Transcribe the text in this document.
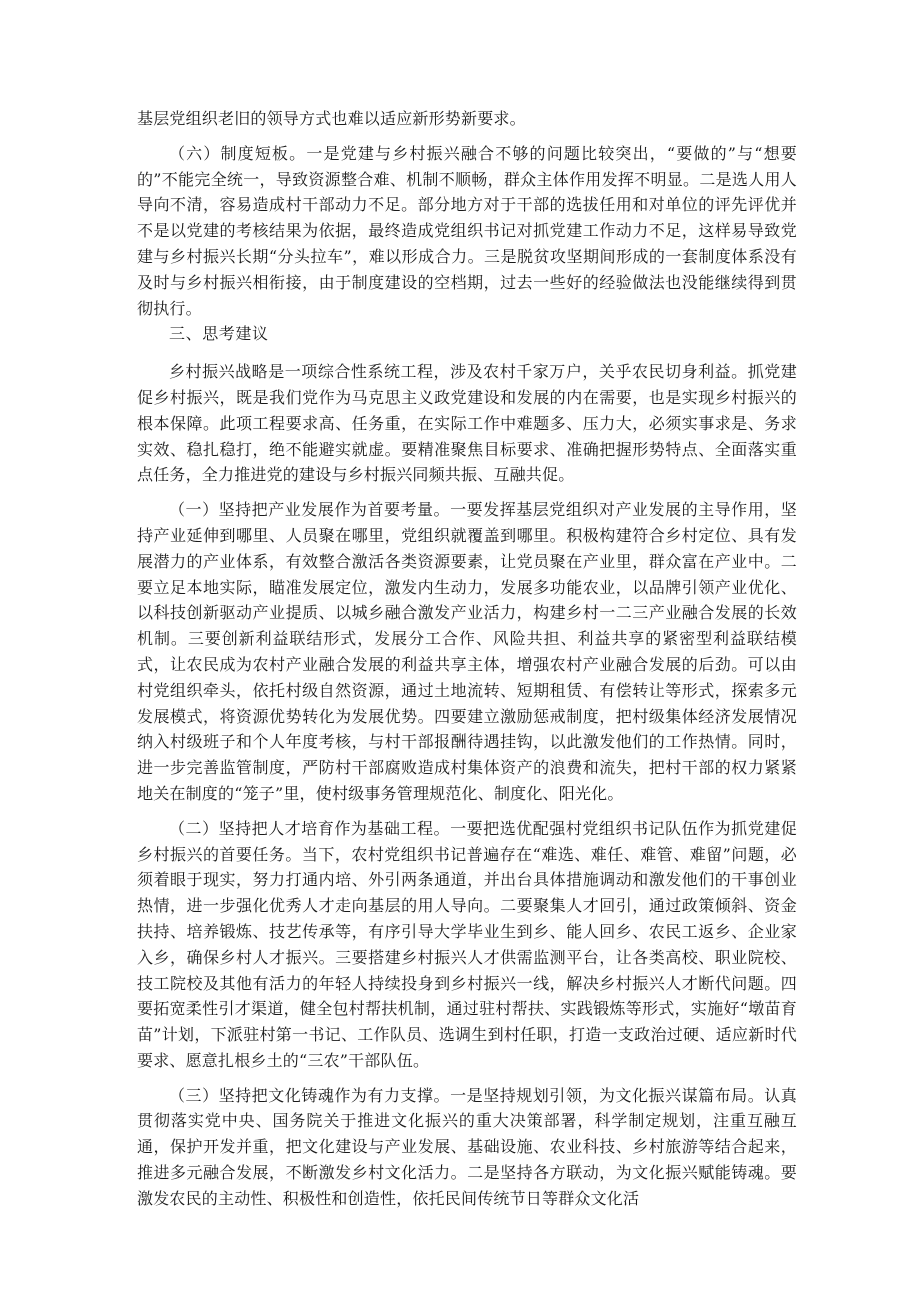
基层党组织老旧的领导方式也难以适应新形势新要求。

（六）制度短板。一是党建与乡村振兴融合不够的问题比较突出，“要做的”与“想要的”不能完全统一，导致资源整合难、机制不顺畅，群众主体作用发挥不明显。二是选人用人导向不清，容易造成村干部动力不足。部分地方对于干部的选拔任用和对单位的评先评优并不是以党建的考核结果为依据，最终造成党组织书记对抓党建工作动力不足，这样易导致党建与乡村振兴长期“分头拉车”，难以形成合力。三是脱贫攻坚期间形成的一套制度体系没有及时与乡村振兴相衔接，由于制度建设的空档期，过去一些好的经验做法也没能继续得到贯彻执行。

三、思考建议

乡村振兴战略是一项综合性系统工程，涉及农村千家万户，关乎农民切身利益。抓党建促乡村振兴，既是我们党作为马克思主义政党建设和发展的内在需要，也是实现乡村振兴的根本保障。此项工程要求高、任务重，在实际工作中难题多、压力大，必须实事求是、务求实效、稳扎稳打，绝不能避实就虚。要精准聚焦目标要求、准确把握形势特点、全面落实重点任务，全力推进党的建设与乡村振兴同频共振、互融共促。

（一）坚持把产业发展作为首要考量。一要发挥基层党组织对产业发展的主导作用，坚持产业延伸到哪里、人员聚在哪里，党组织就覆盖到哪里。积极构建符合乡村定位、具有发展潜力的产业体系，有效整合激活各类资源要素，让党员聚在产业里，群众富在产业中。二要立足本地实际，瞄准发展定位，激发内生动力，发展多功能农业，以品牌引领产业优化、以科技创新驱动产业提质、以城乡融合激发产业活力，构建乡村一二三产业融合发展的长效机制。三要创新利益联结形式，发展分工合作、风险共担、利益共享的紧密型利益联结模式，让农民成为农村产业融合发展的利益共享主体，增强农村产业融合发展的后劲。可以由村党组织牵头，依托村级自然资源，通过土地流转、短期租赁、有偿转让等形式，探索多元发展模式，将资源优势转化为发展优势。四要建立激励惩戒制度，把村级集体经济发展情况纳入村级班子和个人年度考核，与村干部报酬待遇挂钩，以此激发他们的工作热情。同时，进一步完善监管制度，严防村干部腐败造成村集体资产的浪费和流失，把村干部的权力紧紧地关在制度的“笼子”里，使村级事务管理规范化、制度化、阳光化。

（二）坚持把人才培育作为基础工程。一要把选优配强村党组织书记队伍作为抓党建促乡村振兴的首要任务。当下，农村党组织书记普遍存在“难选、难任、难管、难留”问题，必须着眼于现实，努力打通内培、外引两条通道，并出台具体措施调动和激发他们的干事创业热情，进一步强化优秀人才走向基层的用人导向。二要聚集人才回引，通过政策倾斜、资金扶持、培养锻炼、技艺传承等，有序引导大学毕业生到乡、能人回乡、农民工返乡、企业家入乡，确保乡村人才振兴。三要搭建乡村振兴人才供需监测平台，让各类高校、职业院校、技工院校及其他有活力的年轻人持续投身到乡村振兴一线，解决乡村振兴人才断代问题。四要拓宽柔性引才渠道，健全包村帮扶机制，通过驻村帮扶、实践锻炼等形式，实施好“墩苗育苗”计划，下派驻村第一书记、工作队员、选调生到村任职，打造一支政治过硬、适应新时代要求、愿意扎根乡土的“三农”干部队伍。

（三）坚持把文化铸魂作为有力支撑。一是坚持规划引领，为文化振兴谋篇布局。认真贯彻落实党中央、国务院关于推进文化振兴的重大决策部署，科学制定规划，注重互融互通，保护开发并重，把文化建设与产业发展、基础设施、农业科技、乡村旅游等结合起来，推进多元融合发展，不断激发乡村文化活力。二是坚持各方联动，为文化振兴赋能铸魂。要激发农民的主动性、积极性和创造性，依托民间传统节日等群众文化活
